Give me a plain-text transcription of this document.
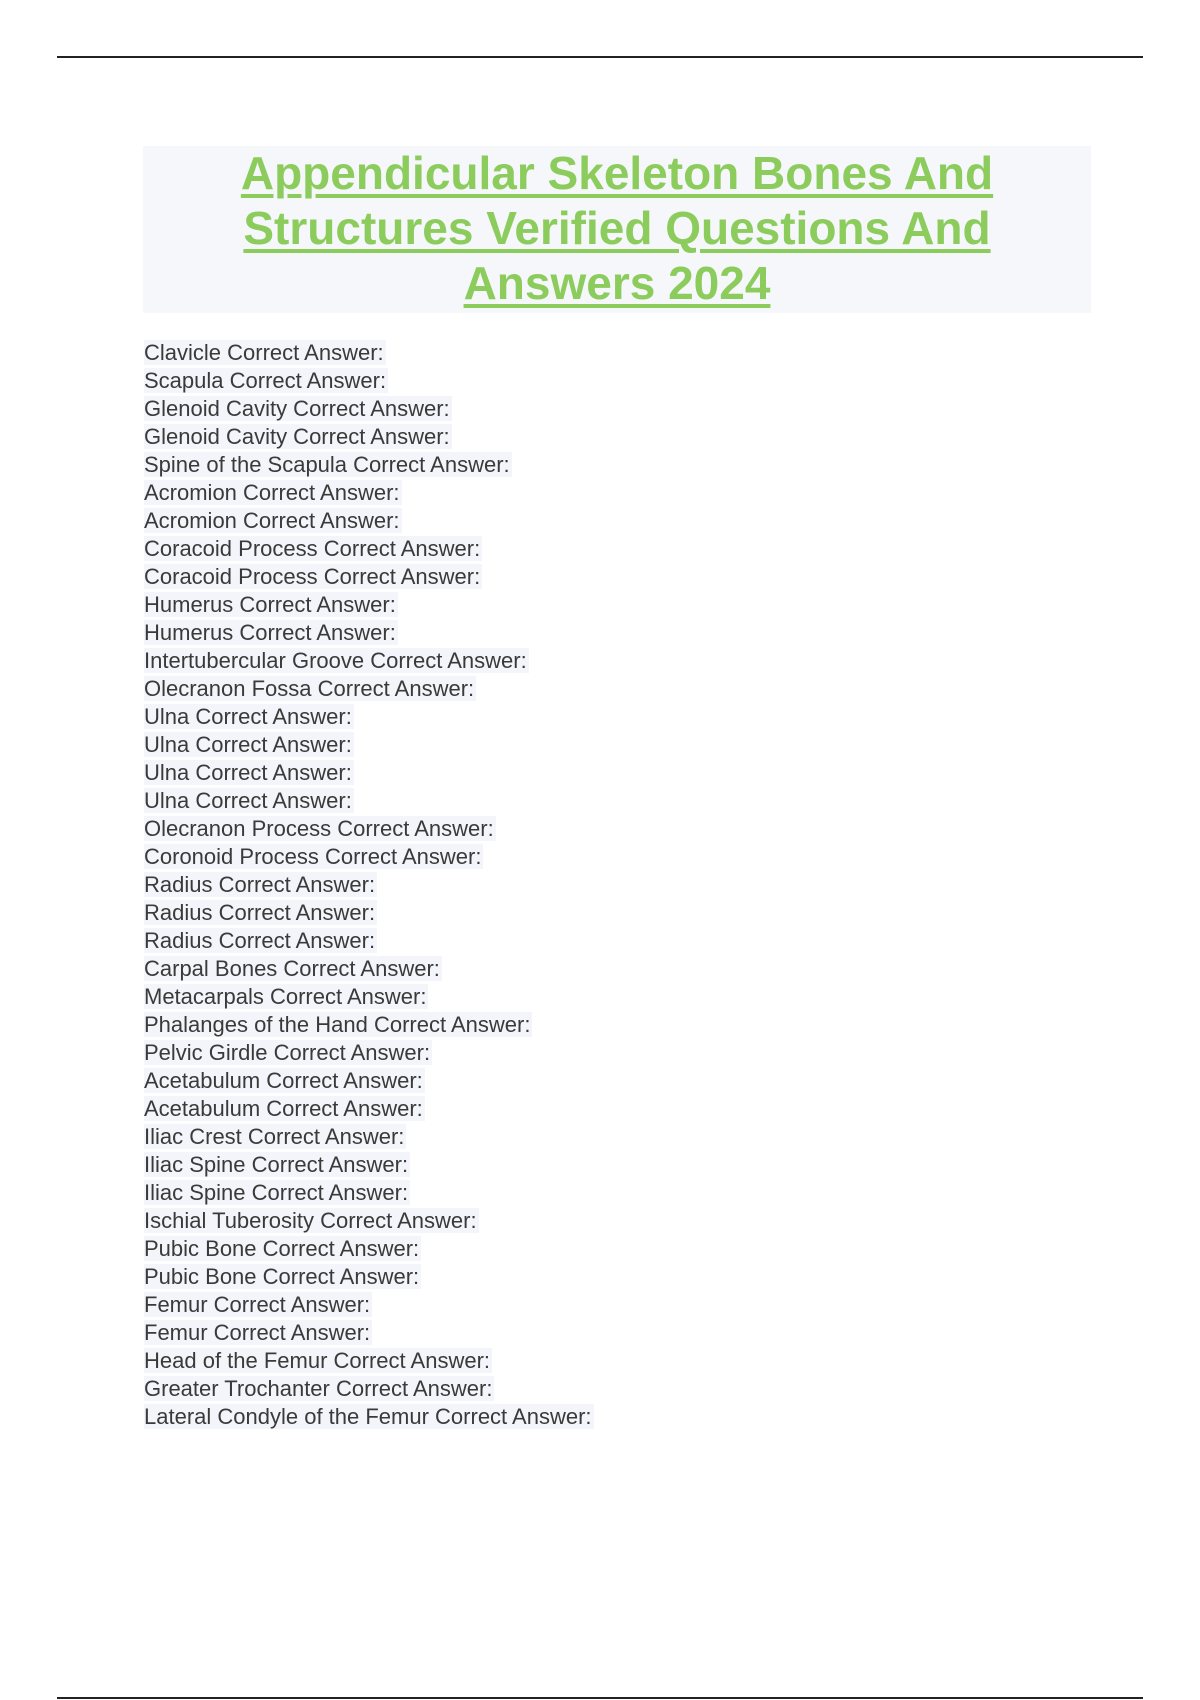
Appendicular Skeleton Bones And Structures Verified Questions And Answers 2024
Clavicle Correct Answer:
Scapula Correct Answer:
Glenoid Cavity Correct Answer:
Glenoid Cavity Correct Answer:
Spine of the Scapula Correct Answer:
Acromion Correct Answer:
Acromion Correct Answer:
Coracoid Process Correct Answer:
Coracoid Process Correct Answer:
Humerus Correct Answer:
Humerus Correct Answer:
Intertubercular Groove Correct Answer:
Olecranon Fossa Correct Answer:
Ulna Correct Answer:
Ulna Correct Answer:
Ulna Correct Answer:
Ulna Correct Answer:
Olecranon Process Correct Answer:
Coronoid Process Correct Answer:
Radius Correct Answer:
Radius Correct Answer:
Radius Correct Answer:
Carpal Bones Correct Answer:
Metacarpals Correct Answer:
Phalanges of the Hand Correct Answer:
Pelvic Girdle Correct Answer:
Acetabulum Correct Answer:
Acetabulum Correct Answer:
Iliac Crest Correct Answer:
Iliac Spine Correct Answer:
Iliac Spine Correct Answer:
Ischial Tuberosity Correct Answer:
Pubic Bone Correct Answer:
Pubic Bone Correct Answer:
Femur Correct Answer:
Femur Correct Answer:
Head of the Femur Correct Answer:
Greater Trochanter Correct Answer:
Lateral Condyle of the Femur Correct Answer:
